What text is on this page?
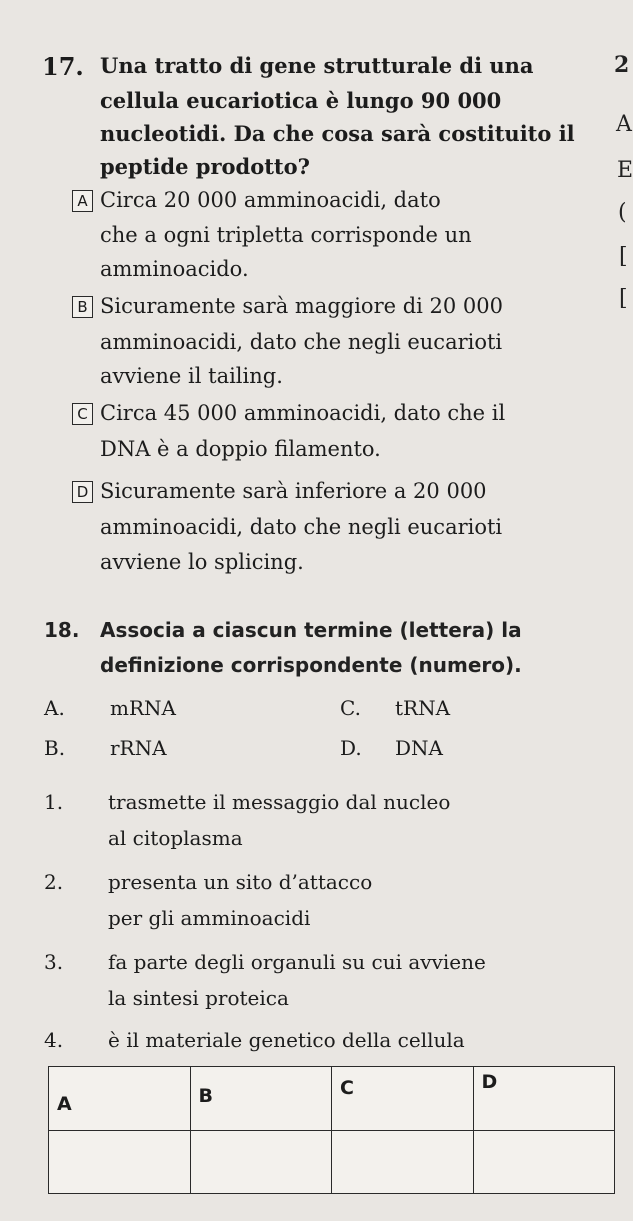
2
A
E
(
[
[
17. Una tratto di gene strutturale di una
cellula eucariotica è lungo 90 000
nucleotidi. Da che cosa sarà costituito il
peptide prodotto?
A Circa 20 000 amminoacidi, dato
che a ogni tripletta corrisponde un
amminoacido.
B Sicuramente sarà maggiore di 20 000
amminoacidi, dato che negli eucarioti
avviene il tailing.
C Circa 45 000 amminoacidi, dato che il
DNA è a doppio filamento.
D Sicuramente sarà inferiore a 20 000
amminoacidi, dato che negli eucarioti
avviene lo splicing.
18. Associa a ciascun termine (lettera) la
definizione corrispondente (numero).
A. mRNA	C. tRNA
B. rRNA	D. DNA
1. trasmette il messaggio dal nucleo
al citoplasma
2. presenta un sito d’attacco
per gli amminoacidi
3. fa parte degli organuli su cui avviene
la sintesi proteica
4. è il materiale genetico della cellula
A	B	C	D
